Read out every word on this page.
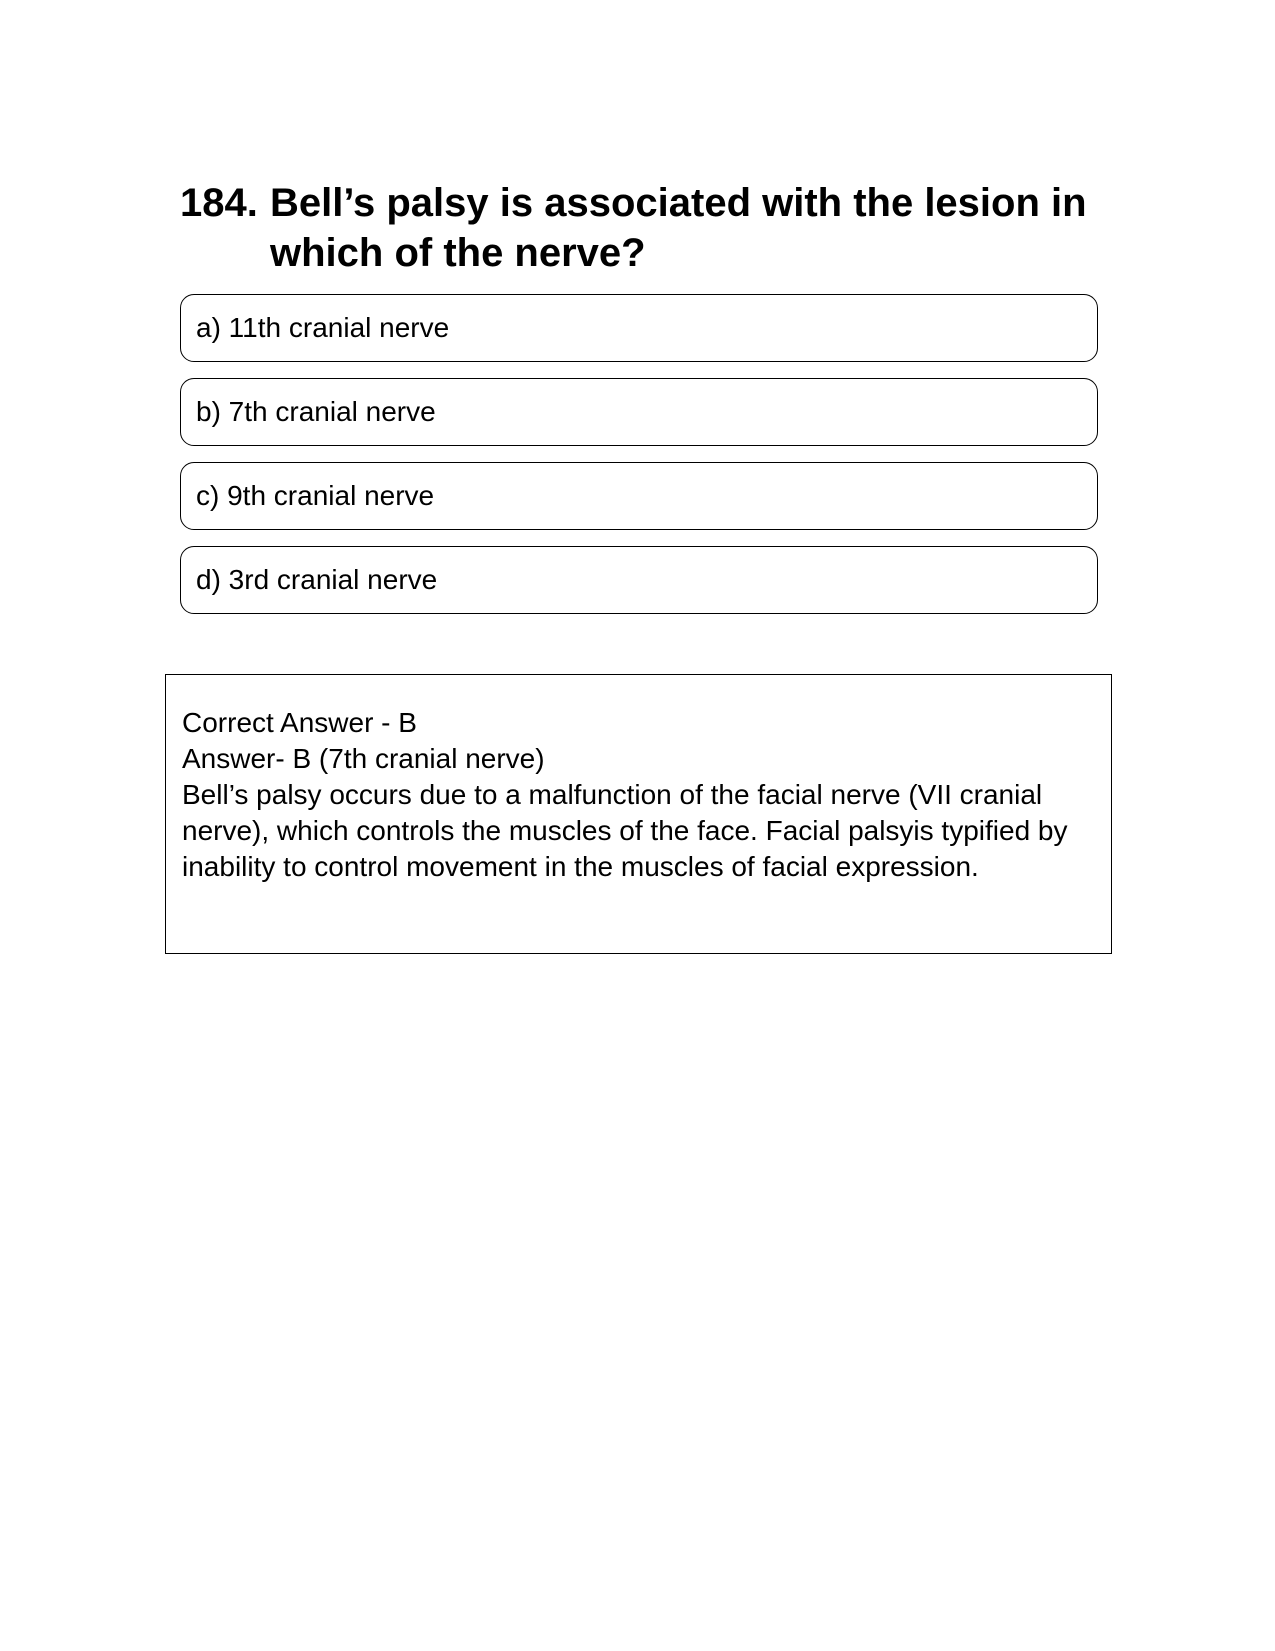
184. Bell’s palsy is associated with the lesion in which of the nerve?
a) 11th cranial nerve
b) 7th cranial nerve
c) 9th cranial nerve
d) 3rd cranial nerve
Correct Answer - B
Answer- B (7th cranial nerve)
Bell’s palsy occurs due to a malfunction of the facial nerve (VII cranial nerve), which controls the muscles of the face. Facial palsyis typified by inability to control movement in the muscles of facial expression.
